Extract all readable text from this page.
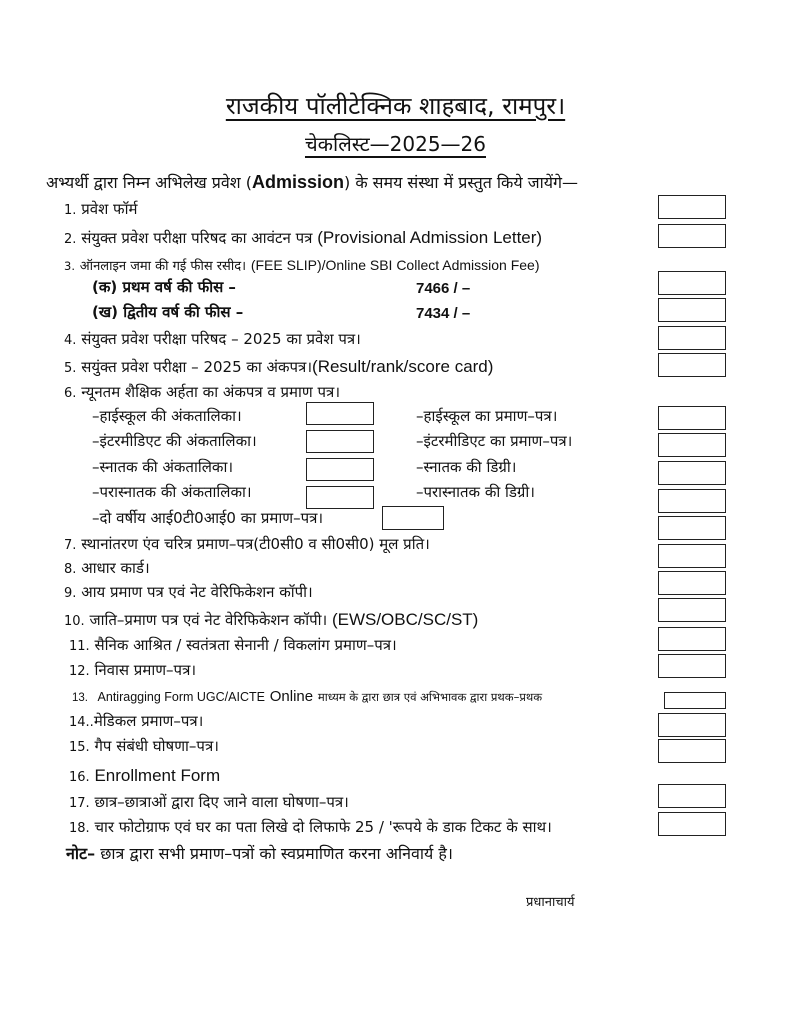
राजकीय पॉलीटेक्निक शाहबाद, रामपुर।
चेकलिस्ट—2025—26
अभ्यर्थी द्वारा निम्न अभिलेख प्रवेश (Admission) के समय संस्था में प्रस्तुत किये जायेंगे—
1. प्रवेश फॉर्म
2. संयुक्त प्रवेश परीक्षा परिषद का आवंटन पत्र (Provisional Admission Letter)
3. ऑनलाइन जमा की गई फीस रसीद। (FEE SLIP)/Online SBI Collect Admission Fee)
(क) प्रथम वर्ष की फीस –	7466 / –
(ख) द्वितीय वर्ष की फीस –	7434 / –
4. संयुक्त प्रवेश परीक्षा परिषद – 2025 का प्रवेश पत्र।
5. सयुंक्त प्रवेश परीक्षा – 2025 का अंकपत्र।(Result/rank/score card)
6. न्यूनतम शैक्षिक अर्हता का अंकपत्र व प्रमाण पत्र।
–हाईस्कूल की अंकतालिका।	–हाईस्कूल का प्रमाण–पत्र।
–इंटरमीडिएट की अंकतालिका।	–इंटरमीडिएट का प्रमाण–पत्र।
–स्नातक की अंकतालिका।	–स्नातक की डिग्री।
–परास्नातक की अंकतालिका।	–परास्नातक की डिग्री।
–दो वर्षीय आई0टी0आई0 का प्रमाण–पत्र।
7. स्थानांतरण एंव चरित्र प्रमाण–पत्र(टी0सी0 व सी0सी0) मूल प्रति।
8. आधार कार्ड।
9. आय प्रमाण पत्र एवं नेट वेरिफिकेशन कॉपी।
10. जाति–प्रमाण पत्र एवं नेट वेरिफिकेशन कॉपी। (EWS/OBC/SC/ST)
11. सैनिक आश्रित / स्वतंत्रता सेनानी / विकलांग प्रमाण–पत्र।
12. निवास प्रमाण–पत्र।
13. Antiragging Form UGC/AICTE Online माध्यम के द्वारा छात्र एवं अभिभावक द्वारा प्रथक–प्रथक
14..मेडिकल प्रमाण–पत्र।
15. गैप संबंधी घोषणा–पत्र।
16. Enrollment Form
17. छात्र–छात्राओं द्वारा दिए जाने वाला घोषणा–पत्र।
18. चार फोटोग्राफ एवं घर का पता लिखे दो लिफाफे 25 / 'रूपये के डाक टिकट के साथ।
नोट– छात्र द्वारा सभी प्रमाण–पत्रों को स्वप्रमाणित करना अनिवार्य है।
प्रधानाचार्य
